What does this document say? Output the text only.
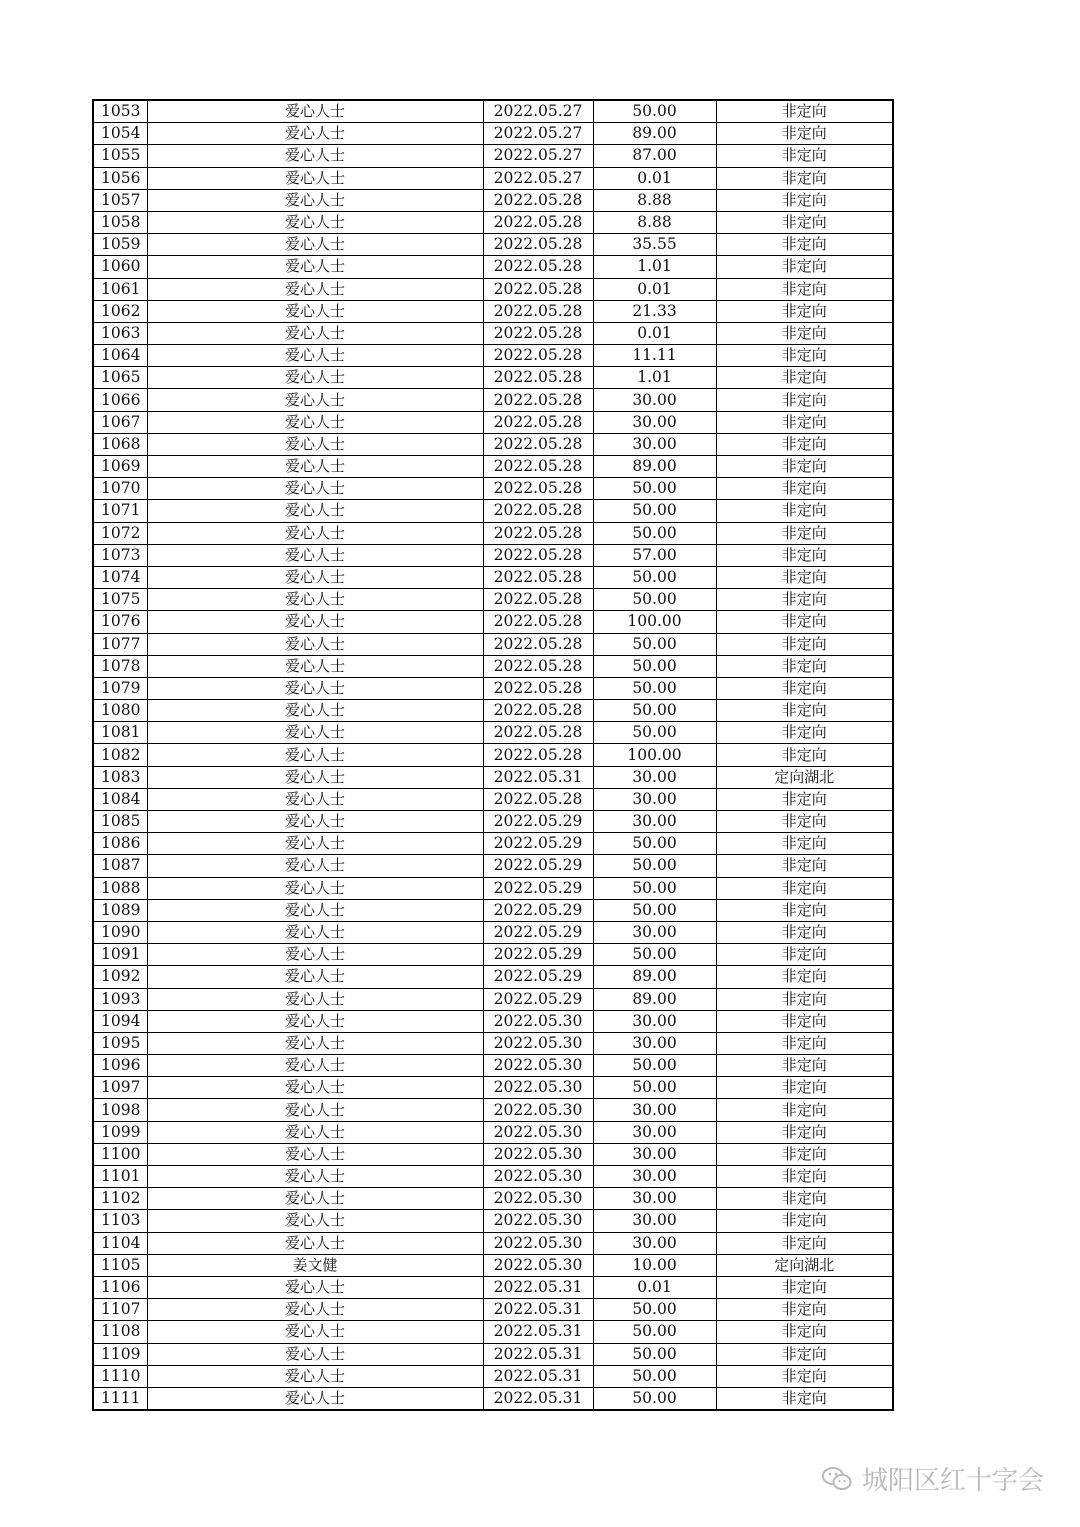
1053	爱心人士	2022.05.27	50.00	非定向
1054	爱心人士	2022.05.27	89.00	非定向
1055	爱心人士	2022.05.27	87.00	非定向
1056	爱心人士	2022.05.27	0.01	非定向
1057	爱心人士	2022.05.28	8.88	非定向
1058	爱心人士	2022.05.28	8.88	非定向
1059	爱心人士	2022.05.28	35.55	非定向
1060	爱心人士	2022.05.28	1.01	非定向
1061	爱心人士	2022.05.28	0.01	非定向
1062	爱心人士	2022.05.28	21.33	非定向
1063	爱心人士	2022.05.28	0.01	非定向
1064	爱心人士	2022.05.28	11.11	非定向
1065	爱心人士	2022.05.28	1.01	非定向
1066	爱心人士	2022.05.28	30.00	非定向
1067	爱心人士	2022.05.28	30.00	非定向
1068	爱心人士	2022.05.28	30.00	非定向
1069	爱心人士	2022.05.28	89.00	非定向
1070	爱心人士	2022.05.28	50.00	非定向
1071	爱心人士	2022.05.28	50.00	非定向
1072	爱心人士	2022.05.28	50.00	非定向
1073	爱心人士	2022.05.28	57.00	非定向
1074	爱心人士	2022.05.28	50.00	非定向
1075	爱心人士	2022.05.28	50.00	非定向
1076	爱心人士	2022.05.28	100.00	非定向
1077	爱心人士	2022.05.28	50.00	非定向
1078	爱心人士	2022.05.28	50.00	非定向
1079	爱心人士	2022.05.28	50.00	非定向
1080	爱心人士	2022.05.28	50.00	非定向
1081	爱心人士	2022.05.28	50.00	非定向
1082	爱心人士	2022.05.28	100.00	非定向
1083	爱心人士	2022.05.31	30.00	定向湖北
1084	爱心人士	2022.05.28	30.00	非定向
1085	爱心人士	2022.05.29	30.00	非定向
1086	爱心人士	2022.05.29	50.00	非定向
1087	爱心人士	2022.05.29	50.00	非定向
1088	爱心人士	2022.05.29	50.00	非定向
1089	爱心人士	2022.05.29	50.00	非定向
1090	爱心人士	2022.05.29	30.00	非定向
1091	爱心人士	2022.05.29	50.00	非定向
1092	爱心人士	2022.05.29	89.00	非定向
1093	爱心人士	2022.05.29	89.00	非定向
1094	爱心人士	2022.05.30	30.00	非定向
1095	爱心人士	2022.05.30	30.00	非定向
1096	爱心人士	2022.05.30	50.00	非定向
1097	爱心人士	2022.05.30	50.00	非定向
1098	爱心人士	2022.05.30	30.00	非定向
1099	爱心人士	2022.05.30	30.00	非定向
1100	爱心人士	2022.05.30	30.00	非定向
1101	爱心人士	2022.05.30	30.00	非定向
1102	爱心人士	2022.05.30	30.00	非定向
1103	爱心人士	2022.05.30	30.00	非定向
1104	爱心人士	2022.05.30	30.00	非定向
1105	姜文健	2022.05.30	10.00	定向湖北
1106	爱心人士	2022.05.31	0.01	非定向
1107	爱心人士	2022.05.31	50.00	非定向
1108	爱心人士	2022.05.31	50.00	非定向
1109	爱心人士	2022.05.31	50.00	非定向
1110	爱心人士	2022.05.31	50.00	非定向
1111	爱心人士	2022.05.31	50.00	非定向
城阳区红十字会
